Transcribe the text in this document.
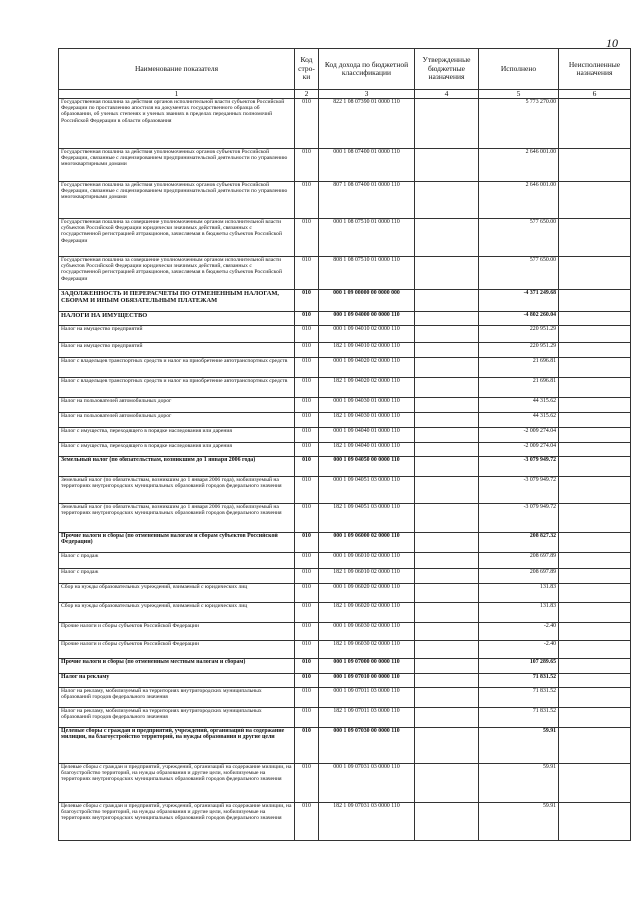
10
Наименование показателя	Код стро-ки	Код дохода по бюджетной классификации	Утвержденные бюджетные назначения	Исполнено	Неисполненные назначения
1	2	3	4	5	6
Государственная пошлина за действия органов исполнительной власти субъектов Российской Федерации по проставлению апостиля на документах государственного образца об образовании, об ученых степенях и ученых званиях в пределах переданных полномочий Российской Федерации в области образования	010	822 1 08 07390 01 0000 110		5 773 270.00	
Государственная пошлина за действия уполномоченных органов субъектов Российской Федерации, связанные с лицензированием предпринимательской деятельности по управлению многоквартирными домами	010	000 1 08 07400 01 0000 110		2 646 001.00	
Государственная пошлина за действия уполномоченных органов субъектов Российской Федерации, связанные с лицензированием предпринимательской деятельности по управлению многоквартирными домами	010	807 1 08 07400 01 0000 110		2 646 001.00	
Государственная пошлина за совершение уполномоченным органом исполнительной власти субъектов Российской Федерации юридически значимых действий, связанных с государственной регистрацией аттракционов, зачисляемая в бюджеты субъектов Российской Федерации	010	000 1 08 07510 01 0000 110		577 650.00	
Государственная пошлина за совершение уполномоченным органом исполнительной власти субъектов Российской Федерации юридически значимых действий, связанных с государственной регистрацией аттракционов, зачисляемая в бюджеты субъектов Российской Федерации	010	808 1 08 07510 01 0000 110		577 650.00	
ЗАДОЛЖЕННОСТЬ И ПЕРЕРАСЧЕТЫ ПО ОТМЕНЕННЫМ НАЛОГАМ, СБОРАМ И ИНЫМ ОБЯЗАТЕЛЬНЫМ ПЛАТЕЖАМ	010	000 1 09 00000 00 0000 000		-4 371 249.68	
НАЛОГИ НА ИМУЩЕСТВО	010	000 1 09 04000 00 0000 110		-4 802 260.04	
Налог на имущество предприятий	010	000 1 09 04010 02 0000 110		220 951.29	
Налог на имущество предприятий	010	182 1 09 04010 02 0000 110		220 951.29	
Налог с владельцев транспортных средств и налог на приобретение автотранспортных средств	010	000 1 09 04020 02 0000 110		21 696.81	
Налог с владельцев транспортных средств и налог на приобретение автотранспортных средств	010	182 1 09 04020 02 0000 110		21 696.81	
Налог на пользователей автомобильных дорог	010	000 1 09 04030 01 0000 110		44 315.62	
Налог на пользователей автомобильных дорог	010	182 1 09 04030 01 0000 110		44 315.62	
Налог с имущества, переходящего в порядке наследования или дарения	010	000 1 09 04040 01 0000 110		-2 009 274.04	
Налог с имущества, переходящего в порядке наследования или дарения	010	182 1 09 04040 01 0000 110		-2 009 274.04	
Земельный налог (по обязательствам, возникшим до 1 января 2006 года)	010	000 1 09 04050 00 0000 110		-3 079 949.72	
Земельный налог (по обязательствам, возникшим до 1 января 2006 года), мобилизуемый на территориях внутригородских муниципальных образований городов федерального значения	010	000 1 09 04051 03 0000 110		-3 079 949.72	
Земельный налог (по обязательствам, возникшим до 1 января 2006 года), мобилизуемый на территориях внутригородских муниципальных образований городов федерального значения	010	182 1 09 04051 03 0000 110		-3 079 949.72	
Прочие налоги и сборы (по отмененным налогам и сборам субъектов Российской Федерации)	010	000 1 09 06000 02 0000 110		208 827.32	
Налог с продаж	010	000 1 09 06010 02 0000 110		208 697.89	
Налог с продаж	010	182 1 09 06010 02 0000 110		208 697.89	
Сбор на нужды образовательных учреждений, взимаемый с юридических лиц	010	000 1 09 06020 02 0000 110		131.83	
Сбор на нужды образовательных учреждений, взимаемый с юридических лиц	010	182 1 09 06020 02 0000 110		131.83	
Прочие налоги и сборы субъектов Российской Федерации	010	000 1 09 06030 02 0000 110		-2.40	
Прочие налоги и сборы субъектов Российской Федерации	010	182 1 09 06030 02 0000 110		-2.40	
Прочие налоги и сборы (по отмененным местным налогам и сборам)	010	000 1 09 07000 00 0000 110		107 289.65	
Налог на рекламу	010	000 1 09 07010 00 0000 110		71 831.52	
Налог на рекламу, мобилизуемый на территориях внутригородских муниципальных образований городов федерального значения	010	000 1 09 07011 03 0000 110		71 831.52	
Налог на рекламу, мобилизуемый на территориях внутригородских муниципальных образований городов федерального значения	010	182 1 09 07011 03 0000 110		71 831.52	
Целевые сборы с граждан и предприятий, учреждений, организаций на содержание милиции, на благоустройство территорий, на нужды образования и другие цели	010	000 1 09 07030 00 0000 110		59.91	
Целевые сборы с граждан и предприятий, учреждений, организаций на содержание милиции, на благоустройство территорий, на нужды образования и другие цели, мобилизуемые на территориях внутригородских муниципальных образований городов федерального значения	010	000 1 09 07031 03 0000 110		59.91	
Целевые сборы с граждан и предприятий, учреждений, организаций на содержание милиции, на благоустройство территорий, на нужды образования и другие цели, мобилизуемые на территориях внутригородских муниципальных образований городов федерального значения	010	182 1 09 07031 03 0000 110		59.91	
